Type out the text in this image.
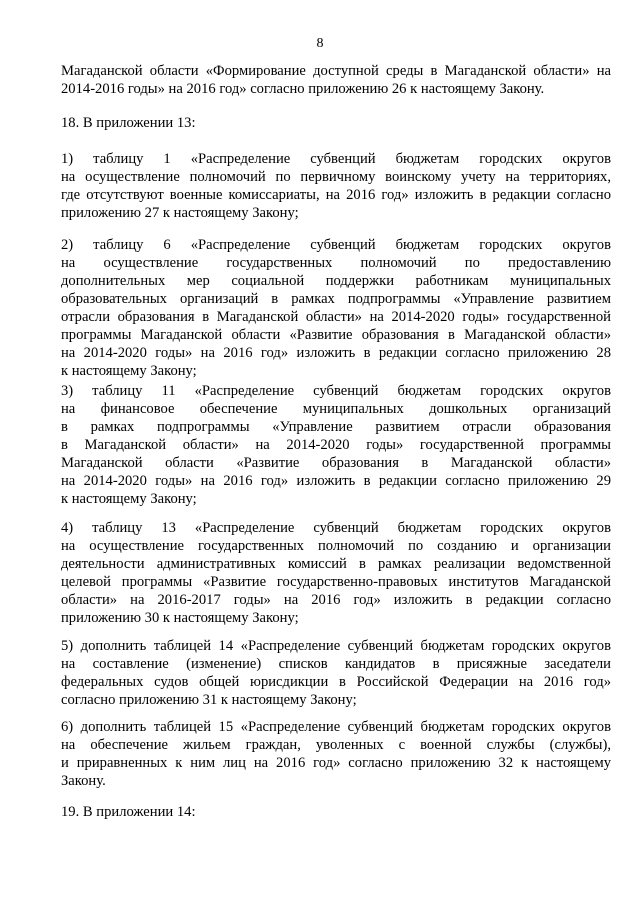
8
Магаданской области «Формирование доступной среды в Магаданской области» на
2014-2016 годы» на 2016 год» согласно приложению 26 к настоящему Закону.
18. В приложении 13:
1) таблицу 1 «Распределение субвенций бюджетам городских округов
на осуществление полномочий по первичному воинскому учету на территориях,
где отсутствуют военные комиссариаты, на 2016 год» изложить в редакции согласно
приложению 27 к настоящему Закону;
2) таблицу 6 «Распределение субвенций бюджетам городских округов
на осуществление государственных полномочий по предоставлению
дополнительных мер социальной поддержки работникам муниципальных
образовательных организаций в рамках подпрограммы «Управление развитием
отрасли образования в Магаданской области» на 2014-2020 годы» государственной
программы Магаданской области «Развитие образования в Магаданской области»
на 2014-2020 годы» на 2016 год» изложить в редакции согласно приложению 28
к настоящему Закону;
3) таблицу 11 «Распределение субвенций бюджетам городских округов
на финансовое обеспечение муниципальных дошкольных организаций
в рамках подпрограммы «Управление развитием отрасли образования
в Магаданской области» на 2014-2020 годы» государственной программы
Магаданской области «Развитие образования в Магаданской области»
на 2014-2020 годы» на 2016 год» изложить в редакции согласно приложению 29
к настоящему Закону;
4) таблицу 13 «Распределение субвенций бюджетам городских округов
на осуществление государственных полномочий по созданию и организации
деятельности административных комиссий в рамках реализации ведомственной
целевой программы «Развитие государственно-правовых институтов Магаданской
области» на 2016-2017 годы» на 2016 год» изложить в редакции согласно
приложению 30 к настоящему Закону;
5) дополнить таблицей 14 «Распределение субвенций бюджетам городских округов
на составление (изменение) списков кандидатов в присяжные заседатели
федеральных судов общей юрисдикции в Российской Федерации на 2016 год»
согласно приложению 31 к настоящему Закону;
6) дополнить таблицей 15 «Распределение субвенций бюджетам городских округов
на обеспечение жильем граждан, уволенных с военной службы (службы),
и приравненных к ним лиц на 2016 год» согласно приложению 32 к настоящему
Закону.
19. В приложении 14:
